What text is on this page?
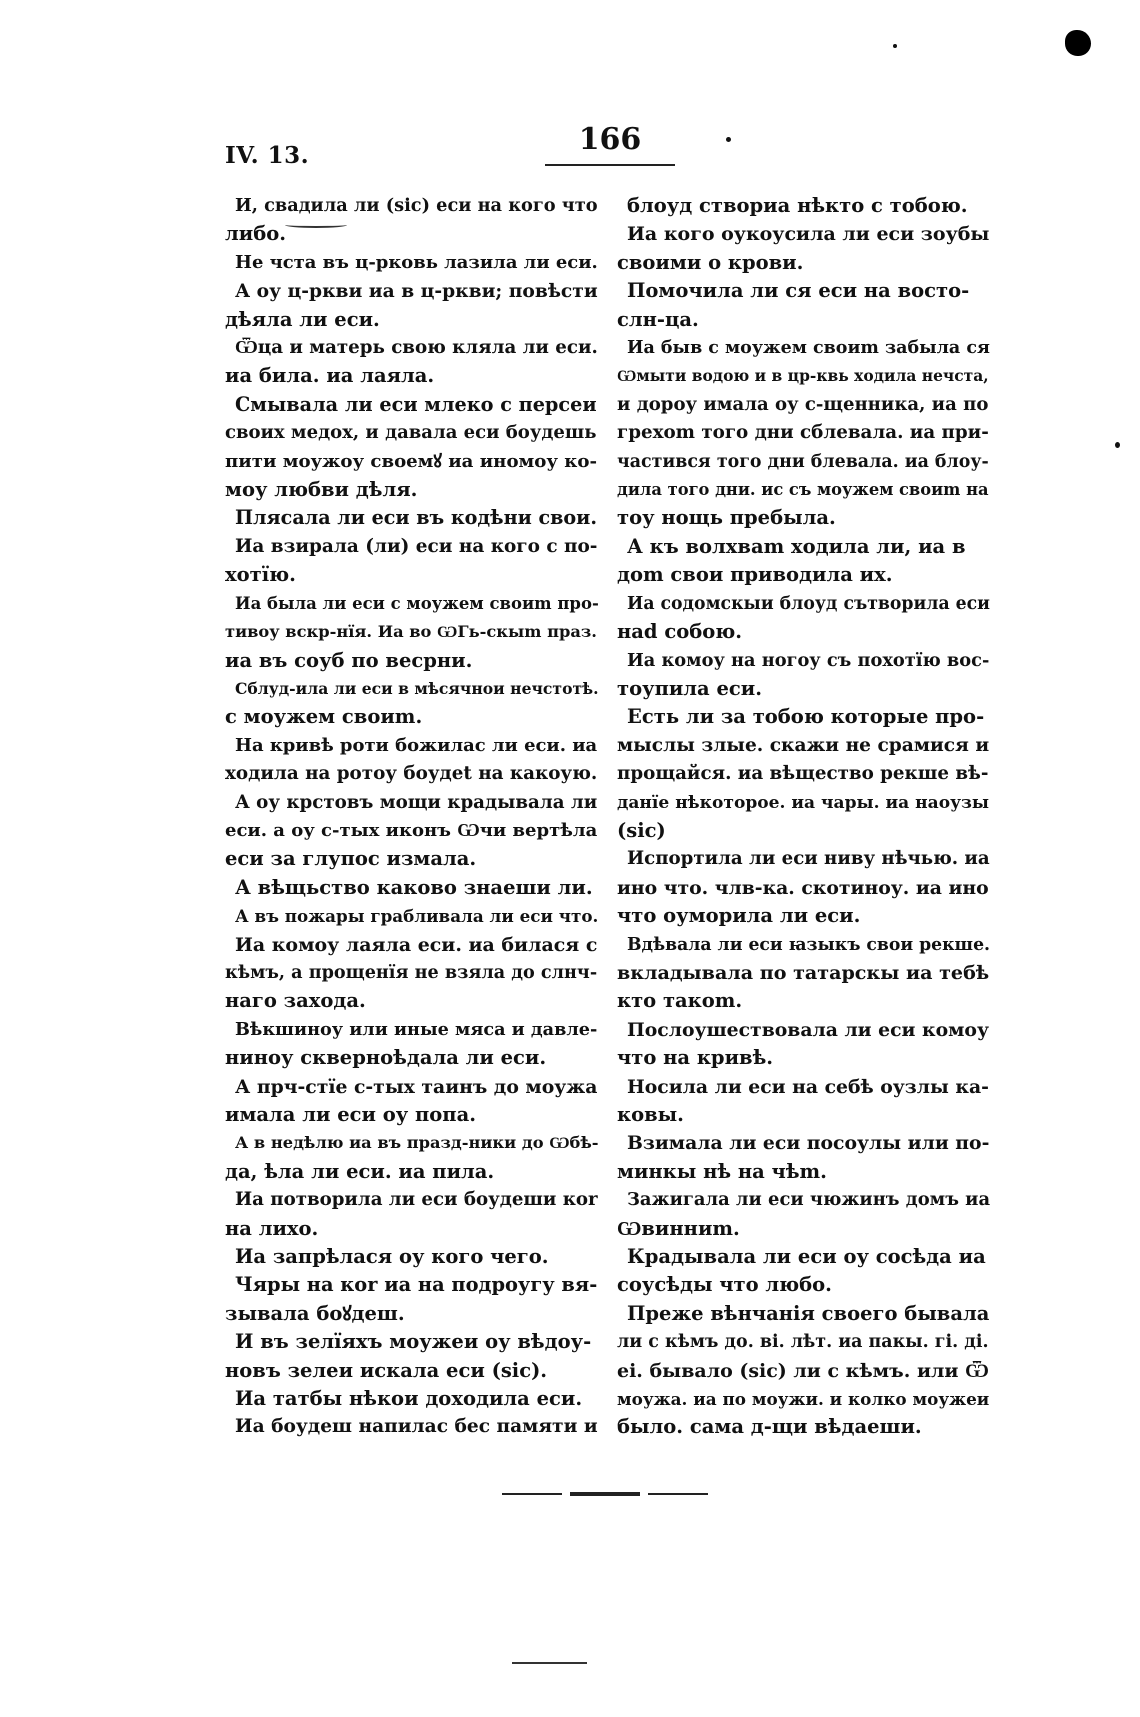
IV. 13.	166
И, свадила ли (sic) еси на кого что
либо.
Не чcта въ ц-рковь лазила ли еси.
А оу ц-ркви иa в ц-ркви; повѣсти
дѣяла ли еси.
Ѿца и матерь свою кляла ли еси.
иa била. иa лаяла.
Смывала ли еси млеко с персеи
своиx медоx, и давала еси боудешь
пити моужоу своемꙋ иa иномоу ко-
моу любви дѣля.
Плясала ли еси въ кодѣни свои.
Иa взирала (ли) еси на кого с по-
хотїю.
Иa была ли еси с моужeм своиm про-
тивоу вскр-нїя. Иa во ѠГь-скыm праз.
иa въ соуб по веcрни.
Cблуд-ила ли еси в мѣсячнои нечcтотѣ.
с моужeм своиm.
На кривѣ роти божилаc ли еси. иa
ходила на ротоу боудеt на какоую.
А оу крcтовъ мощи крадывала ли
еси. а оу с-тыx иконъ Ѡчи вертѣла
еси за глупоc измала.
А вѣщьство каково знаеши ли.
А въ пожары грабливала ли еси что.
Иa комоу лаяла еси. иa билася с
кѣмъ, а прощенїя не взяла до слнч-
наго захода.
Вѣкшиноу или иные мяса и давле-
ниноу скверноѣдала ли еси.
А прч-стїе с-тыx таинъ до моужа
имала ли еси оу попа.
А в недѣлю иa въ празд-ники до Ѡбѣ-
да, ѣла ли еси. иa пила.
Иa потворила ли еси боудеши коr
на лихо.
Иa запрѣлася оу кого чего.
Чяры на коr иa на подроугу вя-
зывала боꙋдеш.
И въ зелїяхъ моужеи оу вѣдоу-
новъ зелеи искала еси (sic).
Иa татбы нѣкои доходила еси.
Иa боудеш напилаc бес памяти и
блоуд створиa нѣкто с тобою.
Иa кого оукоусила ли еси зоубы
своими о крови.
Помочила ли ся еси на восто-
слн-ца.
Иa быв с моужeм своиm забыла ся
Ѡмыти водою и в цр-квь ходила нечcта,
и дороу имала оу с-щенника, иa по
грехоm того дни сблевала. иa при-
частився того дни блевала. иa блоу-
дила того дни. иc съ моужeм своиm на
тоу нощь пребыла.
А къ волхваm ходила ли, иa в
доm свои приводила иx.
Иa содомскыи блоуд сътворила еси
наd собою.
Иa комоу на ногоу съ похотїю воc-
тоупила еси.
Есть ли за тобою которые про-
мыслы злые. скажи не срамися и
прощайся. иa вѣщество рекше вѣ-
данїе нѣкоторое. иa чары. иa наоузы
(sic)
Испортила ли еси ниву нѣчью. иa
ино что. члв-ка. скотиноу. иa ино
что оуморила ли еси.
Вдѣвала ли еси ꙗзыкъ свои рекше.
вкладывала по татарскы иa тебѣ
кто такоm.
Послоушествовала ли еси комоу
что на кривѣ.
Носила ли еси на себѣ оузлы ка-
ковы.
Взимала ли еси посоулы или по-
минкы нѣ на чѣm.
Зажигала ли еси чюжинъ домъ иa
Ѡвинниm.
Крадывала ли еси оу сосѣда иa
соусѣды что любо.
Преже вѣнчанія своего бывала
ли с кѣмъ до. ві. лѣт. иa пакы. гі. ді.
еі. бывало (sic) ли с кѣмъ. или Ѿ
моужа. иa по моужи. и колко моужеи
было. сама д-щи вѣдаеши.
